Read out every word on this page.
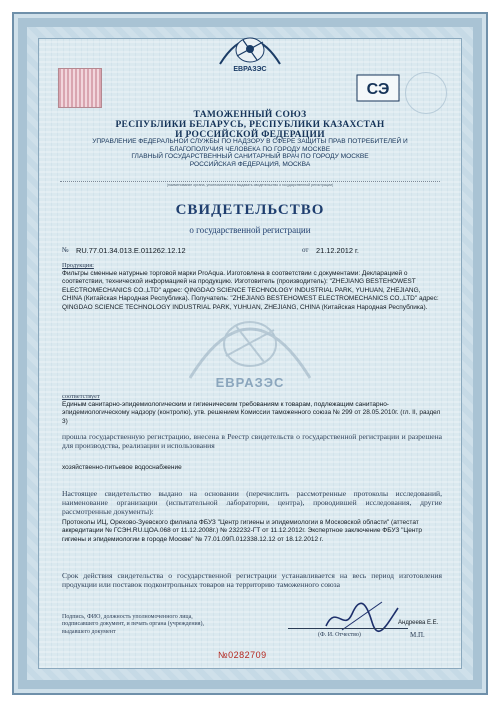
ЕВРАЗЭС
СЭ
ТАМОЖЕННЫЙ СОЮЗ
РЕСПУБЛИКИ БЕЛАРУСЬ, РЕСПУБЛИКИ КАЗАХСТАН
И РОССИЙСКОЙ ФЕДЕРАЦИИ
УПРАВЛЕНИЕ ФЕДЕРАЛЬНОЙ СЛУЖБЫ ПО НАДЗОРУ В СФЕРЕ ЗАЩИТЫ ПРАВ ПОТРЕБИТЕЛЕЙ И
БЛАГОПОЛУЧИЯ ЧЕЛОВЕКА ПО ГОРОДУ МОСКВЕ
ГЛАВНЫЙ ГОСУДАРСТВЕННЫЙ САНИТАРНЫЙ ВРАЧ ПО ГОРОДУ МОСКВЕ
РОССИЙСКАЯ ФЕДЕРАЦИЯ, МОСКВА
(наименование органа, уполномоченного выдавать свидетельство о государственной регистрации)
СВИДЕТЕЛЬСТВО
о государственной регистрации
№ RU.77.01.34.013.E.011262.12.12	от 21.12.2012 г.
Продукция:
Фильтры сменные натурные торговой марки ProAqua. Изготовлена в соответствии с документами: Декларацией о соответствии, технической информацией на продукцию. Изготовитель (производитель): "ZHEJIANG BESTEHOWEST ELECTROMECHANICS CO.,LTD" адрес: QINGDAO SCIENCE TECHNOLOGY INDUSTRIAL PARK, YUHUAN, ZHEJIANG, CHINA (Китайская Народная Республика). Получатель: "ZHEJIANG BESTEHOWEST ELECTROMECHANICS CO.,LTD" адрес: QINGDAO SCIENCE TECHNOLOGY INDUSTRIAL PARK, YUHUAN, ZHEJIANG, CHINA (Китайская Народная Республика).
ЕВРАЗЭС
соответствует
Единым санитарно-эпидемиологическим и гигиеническим требованиям к товарам, подлежащим санитарно-эпидемиологическому надзору (контролю), утв. решением Комиссии таможенного союза № 299 от 28.05.2010г. (гл. II, раздел 3)
прошла государственную регистрацию, внесена в Реестр свидетельств о государственной регистрации и разрешена для производства, реализации и использования
хозяйственно-питьевое водоснабжение
Настоящее свидетельство выдано на основании (перечислить рассмотренные протоколы исследований, наименование организации (испытательной лаборатории, центра), проводившей исследования, другие рассмотренные документы):
Протоколы ИЦ, Орехово-Зуевского филиала ФБУЗ "Центр гигиены и эпидемиологии в Московской области" (аттестат аккредитации № ГСЭН.RU.ЦОА.068 от 11.12.2008г.) № 232232-ГТ от 11.12.2012г. Экспертное заключение ФБУЗ "Центр гигиены и эпидемиологии в городе Москве" № 77.01.09П.012338.12.12 от 18.12.2012 г.
Срок действия свидетельства о государственной регистрации устанавливается на весь период изготовления продукции или поставок подконтрольных товаров на территорию таможенного союза
Подпись, ФИО, должность уполномоченного лица,
подписавшего документ, и печать органа (учреждения),
выдавшего документ
Андреева Е.Е.
(Ф. И. Отчество)	М.П.
№0282709
